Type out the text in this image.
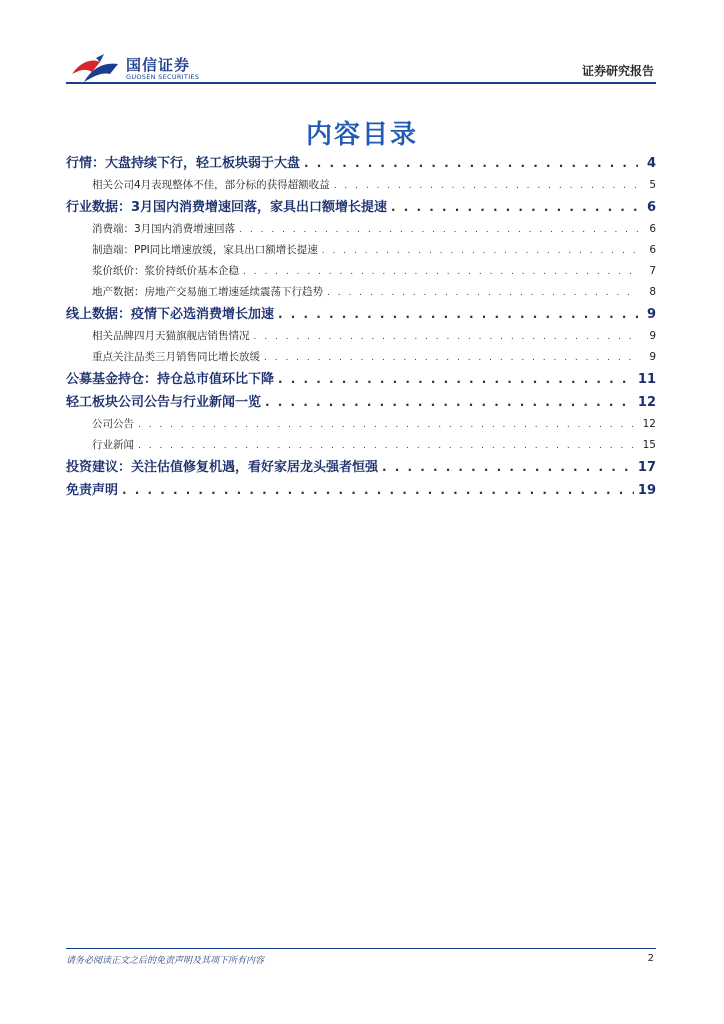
国信证券
GUOSEN SECURITIES	证券研究报告
内容目录
行情：大盘持续下行，轻工板块弱于大盘 . . .	4
相关公司4月表现整体不佳，部分标的获得超额收益 . . .	5
行业数据：3月国内消费增速回落，家具出口额增长提速 . . .	6
消费端：3月国内消费增速回落 . . .	6
制造端：PPI同比增速放缓，家具出口额增长提速 . . .	6
浆价纸价：浆价持纸价基本企稳 . . .	7
地产数据：房地产交易施工增速延续震荡下行趋势 . . .	8
线上数据：疫情下必选消费增长加速 . . .	9
相关品牌四月天猫旗舰店销售情况 . . .	9
重点关注品类三月销售同比增长放缓 . . .	9
公募基金持仓：持仓总市值环比下降 . . .	11
轻工板块公司公告与行业新闻一览 . . .	12
公司公告 . . .	12
行业新闻 . . .	15
投资建议：关注估值修复机遇，看好家居龙头强者恒强 . . .	17
免责声明 . . .	19
请务必阅读正文之后的免责声明及其项下所有内容	2
